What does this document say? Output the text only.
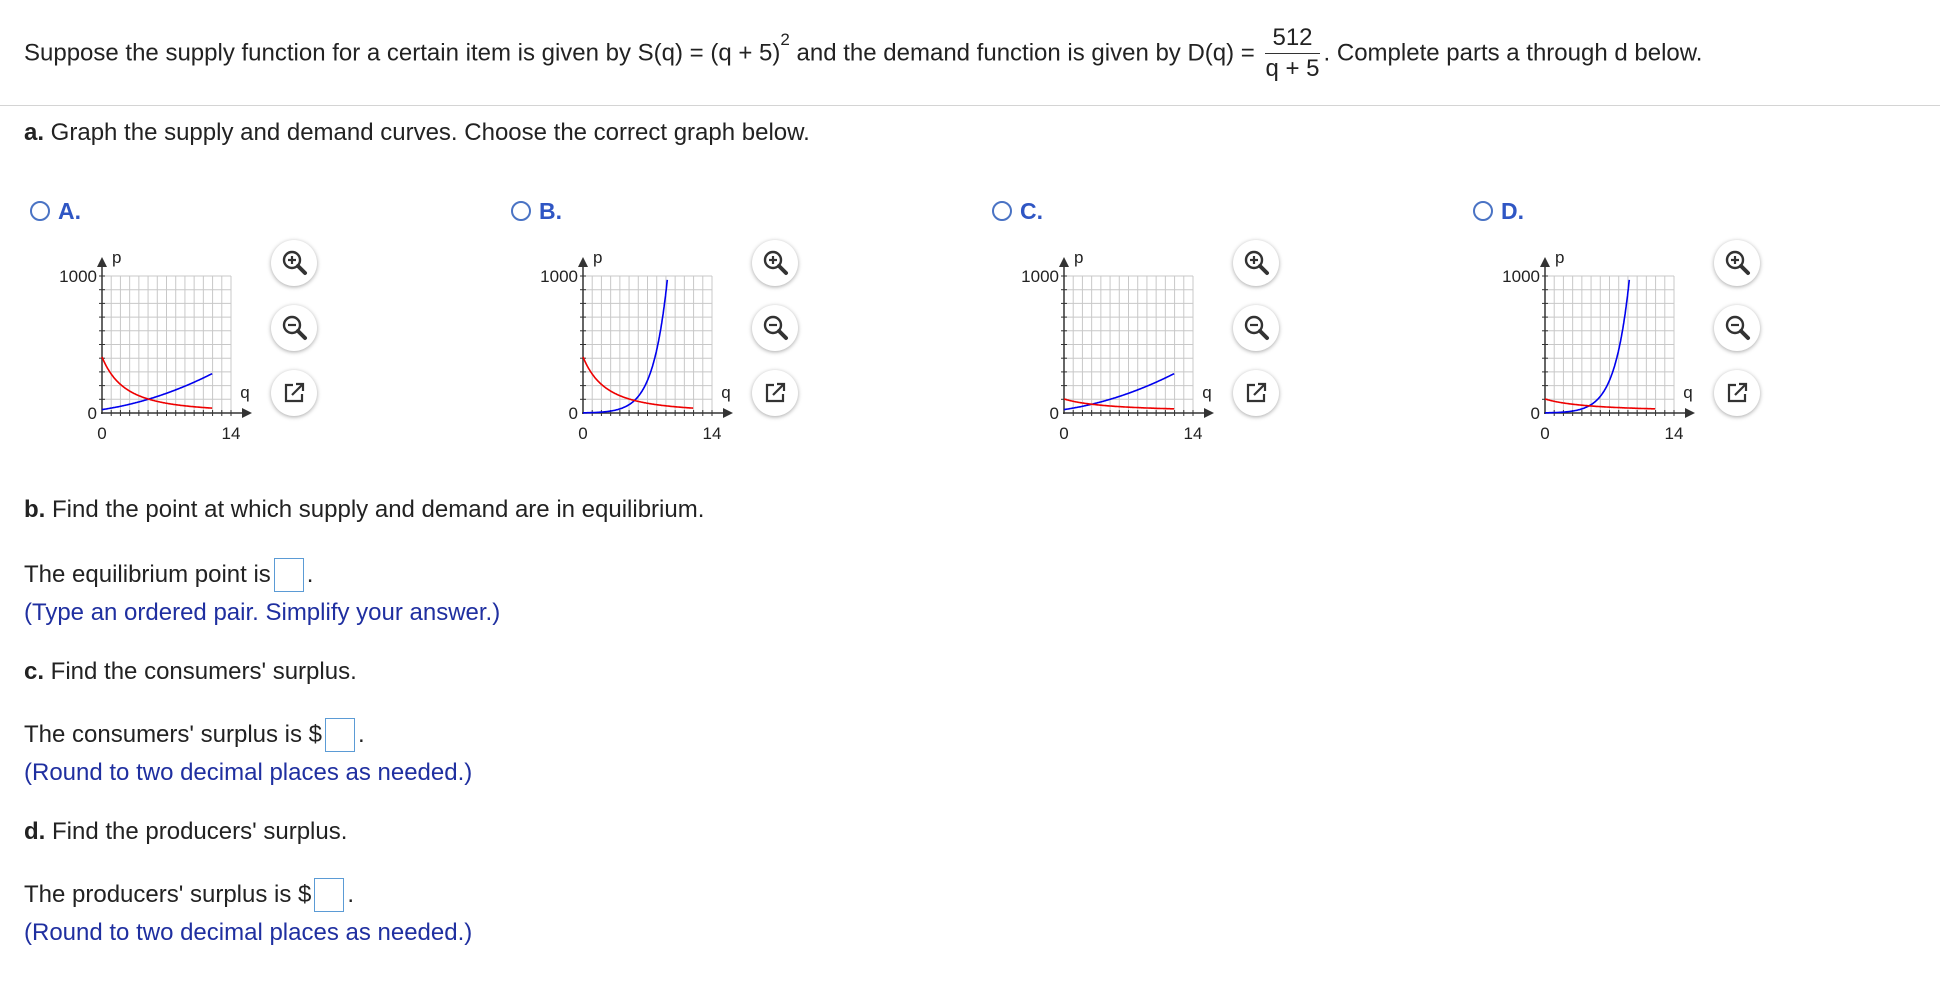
Suppose the supply function for a certain item is given by $S(q) = (q + 5)^2$ and the demand function is given by $D(q) = \frac{512}{q + 5}$ . Complete parts a through d below.
a. Graph the supply and demand curves. Choose the correct graph below.
A.	B.	C.	D.
1000
0
0	14
p
q
1000
0
0	14
p
q
1000
0
0	14
p
q
1000
0
0	14
p
q
b. Find the point at which supply and demand are in equilibrium.
The equilibrium point is .
(Type an ordered pair. Simplify your answer.)
c. Find the consumers' surplus.
The consumers' surplus is $ .
(Round to two decimal places as needed.)
d. Find the producers' surplus.
The producers' surplus is $ .
(Round to two decimal places as needed.)
